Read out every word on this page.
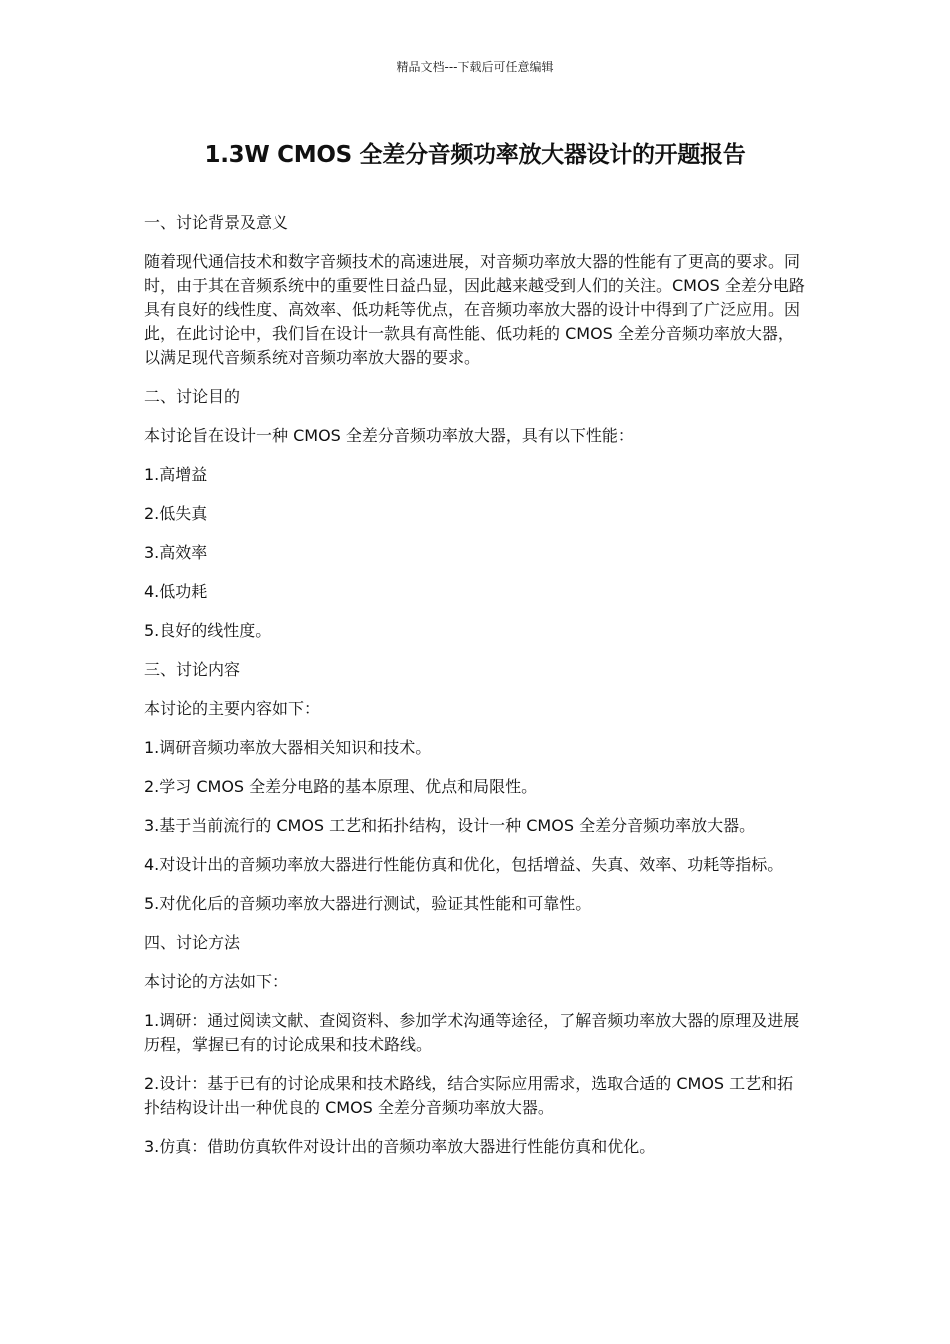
精品文档---下载后可任意编辑
1.3W CMOS 全差分音频功率放大器设计的开题报告

一、讨论背景及意义

随着现代通信技术和数字音频技术的高速进展，对音频功率放大器的性能有了更高的要求。同时，由于其在音频系统中的重要性日益凸显，因此越来越受到人们的关注。CMOS 全差分电路具有良好的线性度、高效率、低功耗等优点，在音频功率放大器的设计中得到了广泛应用。因此，在此讨论中，我们旨在设计一款具有高性能、低功耗的 CMOS 全差分音频功率放大器，以满足现代音频系统对音频功率放大器的要求。

二、讨论目的

本讨论旨在设计一种 CMOS 全差分音频功率放大器，具有以下性能：

1.高增益

2.低失真

3.高效率

4.低功耗

5.良好的线性度。

三、讨论内容

本讨论的主要内容如下：

1.调研音频功率放大器相关知识和技术。

2.学习 CMOS 全差分电路的基本原理、优点和局限性。

3.基于当前流行的 CMOS 工艺和拓扑结构，设计一种 CMOS 全差分音频功率放大器。

4.对设计出的音频功率放大器进行性能仿真和优化，包括增益、失真、效率、功耗等指标。

5.对优化后的音频功率放大器进行测试，验证其性能和可靠性。

四、讨论方法

本讨论的方法如下：

1.调研：通过阅读文献、查阅资料、参加学术沟通等途径，了解音频功率放大器的原理及进展历程，掌握已有的讨论成果和技术路线。

2.设计：基于已有的讨论成果和技术路线，结合实际应用需求，选取合适的 CMOS 工艺和拓扑结构设计出一种优良的 CMOS 全差分音频功率放大器。

3.仿真：借助仿真软件对设计出的音频功率放大器进行性能仿真和优化。
